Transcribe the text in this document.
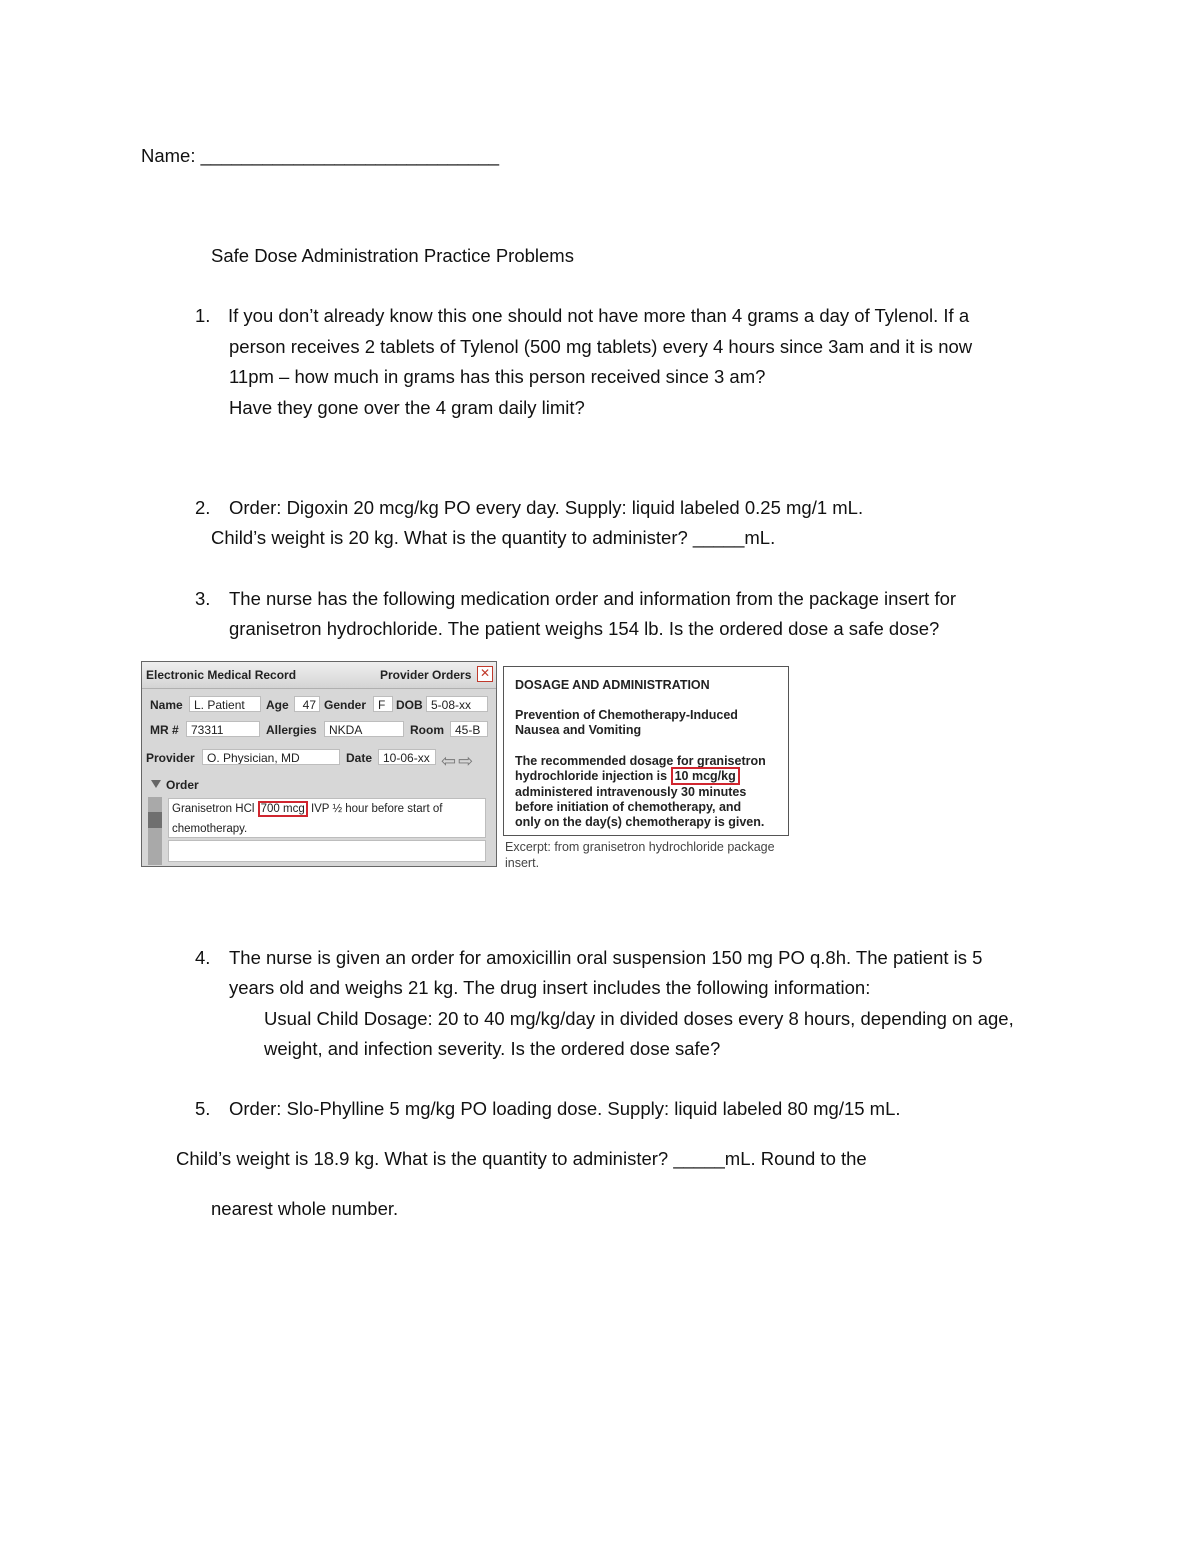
Name: _____________________________
Safe Dose Administration Practice Problems
1. If you don’t already know this one should not have more than 4 grams a day of Tylenol. If a
person receives 2 tablets of Tylenol (500 mg tablets) every 4 hours since 3am and it is now
11pm – how much in grams has this person received since 3 am?
Have they gone over the 4 gram daily limit?
2.	Order: Digoxin 20 mcg/kg PO every day. Supply: liquid labeled 0.25 mg/1 mL.
Child’s weight is 20 kg. What is the quantity to administer? _____mL.
3.	The nurse has the following medication order and information from the package insert for
granisetron hydrochloride. The patient weighs 154 lb. Is the ordered dose a safe dose?
Electronic Medical Record	Provider Orders ✕
Name L. Patient	Age	47 Gender F DOB 5-08-xx
MR #	73311	Allergies	NKDA	Room 45-B
Provider	O. Physician, MD	Date 10-06-xx ⇦⇨
Order
Granisetron HCl 700 mcg IVP ½ hour before start of
chemotherapy.
DOSAGE AND ADMINISTRATION
Prevention of Chemotherapy-Induced
Nausea and Vomiting
The recommended dosage for granisetron
hydrochloride injection is 10 mcg/kg
administered intravenously 30 minutes
before initiation of chemotherapy, and
only on the day(s) chemotherapy is given.
Excerpt: from granisetron hydrochloride package insert.
4.	The nurse is given an order for amoxicillin oral suspension 150 mg PO q.8h. The patient is 5
years old and weighs 21 kg. The drug insert includes the following information:
Usual Child Dosage: 20 to 40 mg/kg/day in divided doses every 8 hours, depending on age,
weight, and infection severity. Is the ordered dose safe?
5.	Order: Slo-Phylline 5 mg/kg PO loading dose. Supply: liquid labeled 80 mg/15 mL.
Child’s weight is 18.9 kg. What is the quantity to administer? _____mL. Round to the
nearest whole number.
